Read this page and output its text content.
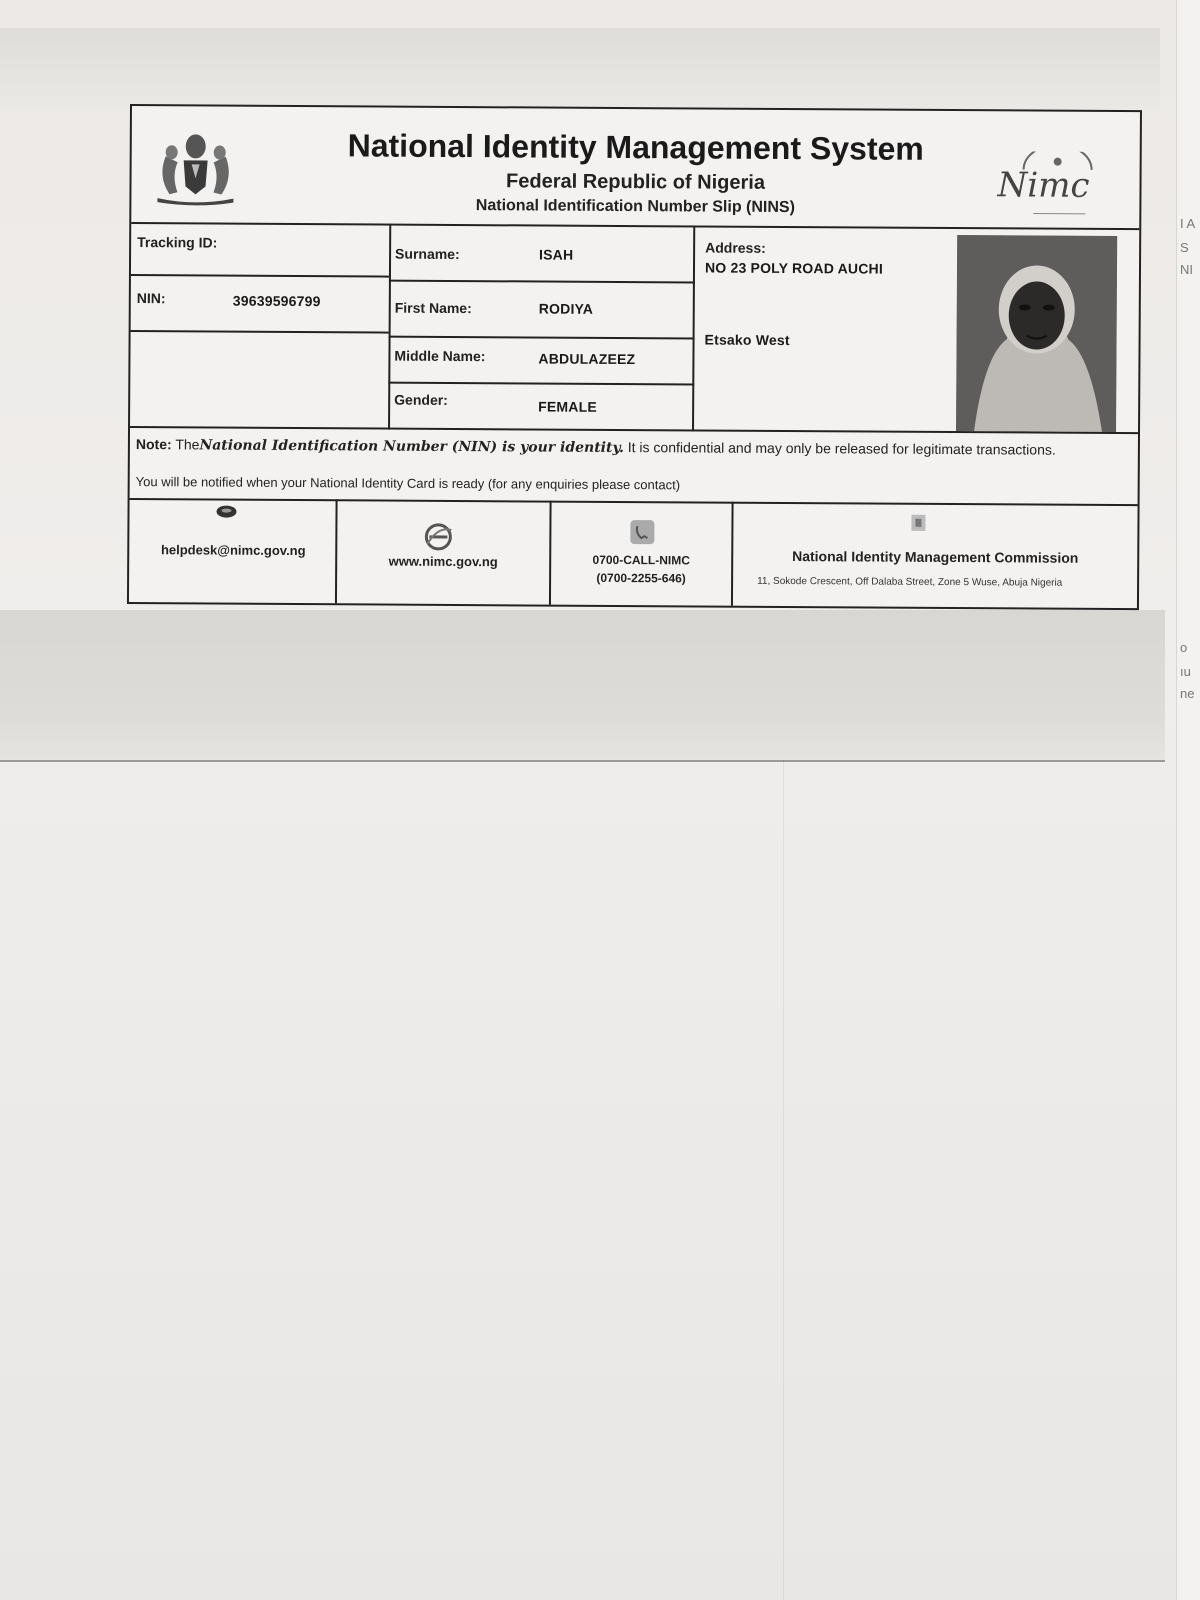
I A
S
NI
o
ıu
ne
National Identity Management System
Federal Republic of Nigeria
National Identification Number Slip (NINS)
Nimc
Tracking ID:
NIN:	39639596799
Surname:	ISAH
First Name:	RODIYA
Middle Name:	ABDULAZEEZ
Gender:	FEMALE
Address:
NO 23 POLY ROAD AUCHI
Etsako West
Note: TheNational Identification Number (NIN) is your identity. It is confidential and may only be released for legitimate transactions.
You will be notified when your National Identity Card is ready (for any enquiries please contact)
helpdesk@nimc.gov.ng
www.nimc.gov.ng	0700-CALL-NIMC
(0700-2255-646)
National Identity Management Commission
11, Sokode Crescent, Off Dalaba Street, Zone 5 Wuse, Abuja Nigeria
